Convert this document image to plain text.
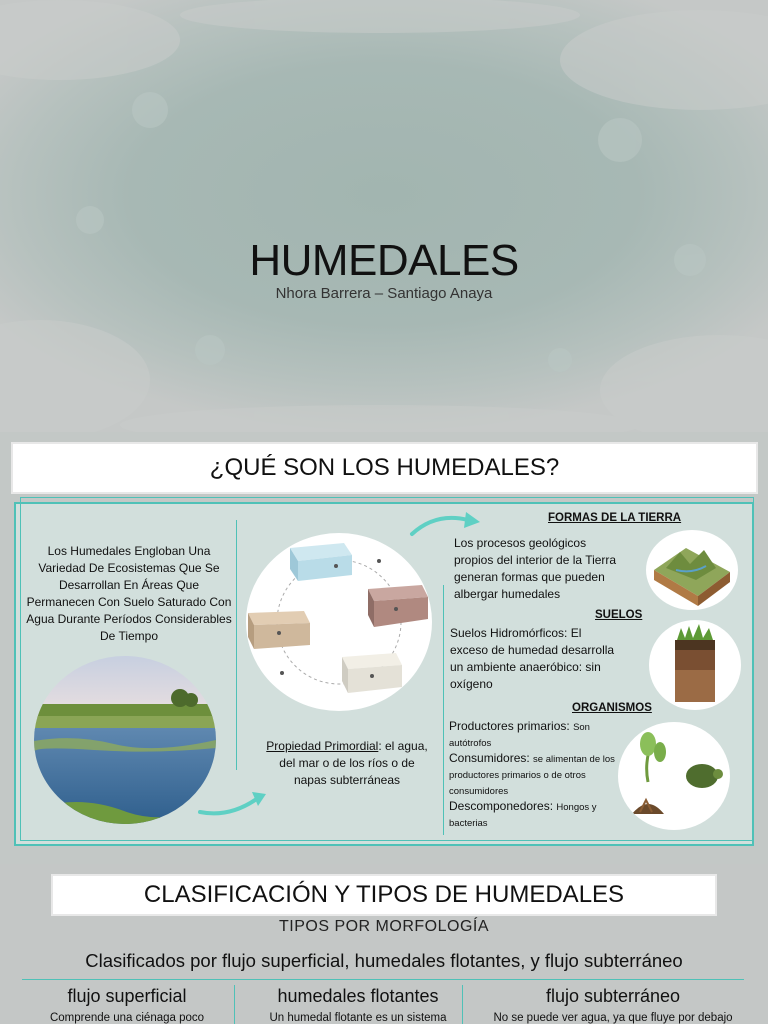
HUMEDALES
Nhora Barrera – Santiago Anaya
¿QUÉ SON LOS HUMEDALES?
Los Humedales Engloban Una Variedad De Ecosistemas Que Se Desarrollan En Áreas Que Permanecen Con Suelo Saturado Con Agua Durante Períodos Considerables De Tiempo
Propiedad Primordial: el agua, del mar o de los ríos o de napas subterráneas
FORMAS DE LA TIERRA
Los procesos geológicos propios del interior de la Tierra generan formas que pueden albergar humedales
SUELOS
Suelos Hidromórficos: El exceso de humedad desarrolla un ambiente anaeróbico: sin oxígeno
ORGANISMOS
Productores primarios: Son autótrofos
Consumidores: se alimentan de los productores primarios o de otros consumidores
Descomponedores: Hongos y bacterias
CLASIFICACIÓN Y TIPOS DE HUMEDALES
TIPOS POR MORFOLOGÍA
Clasificados por flujo superficial, humedales flotantes, y flujo subterráneo
flujo superficial
Comprende una ciénaga poco
humedales flotantes
Un humedal flotante es un sistema
flujo subterráneo
No se puede ver agua, ya que fluye por debajo
